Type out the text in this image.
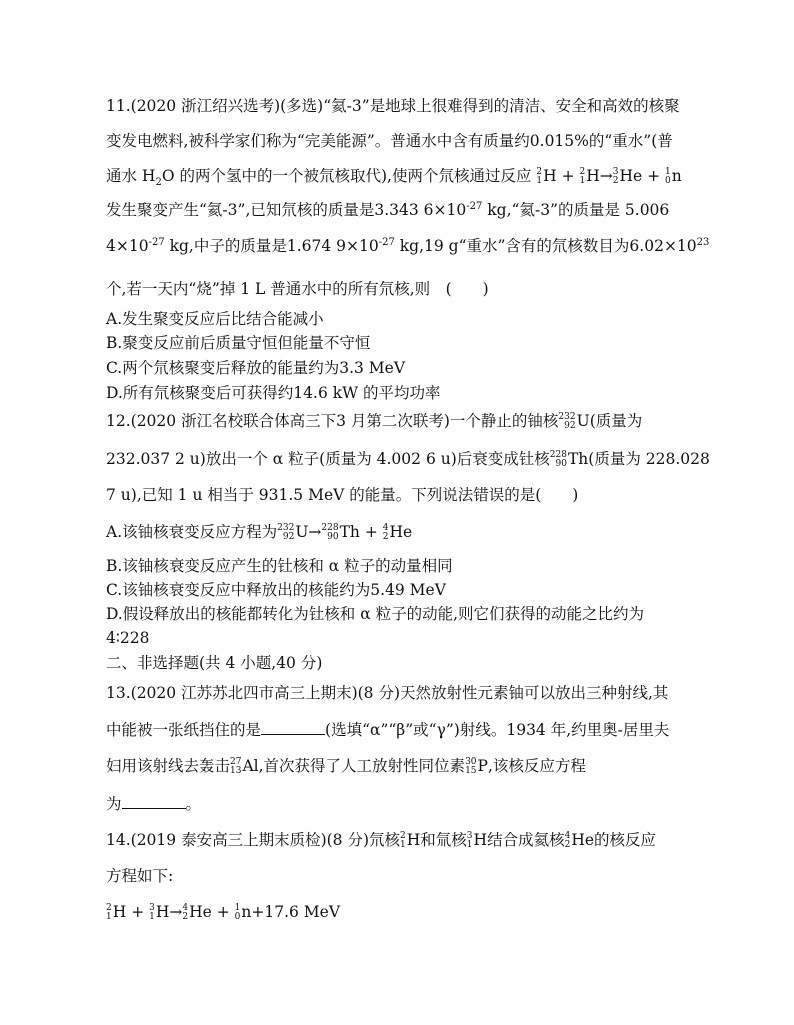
11.(2020 浙江绍兴选考)(多选)“氦-3”是地球上很难得到的清洁、安全和高效的核聚
变发电燃料,被科学家们称为“完美能源”。普通水中含有质量约0.015%的“重水”(普
通水 $H_2O$ 的两个氢中的一个被氘核取代),使两个氘核通过反应 2
1 H + 2
1 H→ 3
2 He + 1
0 n
发生聚变产生“氦-3”,已知氘核的质量是3.343 $6\times 10^{-27}$ kg,“氦-3”的质量是 5.006
$4\times 10^{-27}$ kg,中子的质量是1.674 $9\times 10^{-27}$ kg,19 g“重水”含有的氘核数目为$6.02\times 10^{23}$
个,若一天内“烧”掉 1 L 普通水中的所有氘核,则　(　　)
A.发生聚变反应后比结合能减小
B.聚变反应前后质量守恒但能量不守恒
C.两个氘核聚变后释放的能量约为3.3 MeV
D.所有氘核聚变后可获得约14.6 kW 的平均功率
12.(2020 浙江名校联合体高三下3 月第二次联考)一个静止的铀核 232
92 U(质量为
232.037 2 u)放出一个 α 粒子(质量为 4.002 6 u)后衰变成钍核 228
90 Th(质量为 228.028
7 u),已知 1 u 相当于 931.5 MeV 的能量。下列说法错误的是(　　)
A.该铀核衰变反应方程为 232
92 U→ 228
90 Th + 4
2 He
B.该铀核衰变反应产生的钍核和 α 粒子的动量相同
C.该铀核衰变反应中释放出的核能约为5.49 MeV
D.假设释放出的核能都转化为钍核和 α 粒子的动能,则它们获得的动能之比约为
4∶228
二、非选择题(共 4 小题,40 分)
13.(2020 江苏苏北四市高三上期末)(8 分)天然放射性元素铀可以放出三种射线,其
中能被一张纸挡住的是	(选填“α”“β”或“γ”)射线。1934 年,约里奥-居里夫
妇用该射线去轰击 27
13 Al,首次获得了人工放射性同位素 30
15 P,该核反应方程
为	。
14.(2019 泰安高三上期末质检)(8 分)氘核 2
1 H和氚核 3
1 H结合成氦核 4
2 He的核反应
方程如下:
2
1 H + 3
1 H→ 4
2 He + 1
0 n+17.6 MeV
